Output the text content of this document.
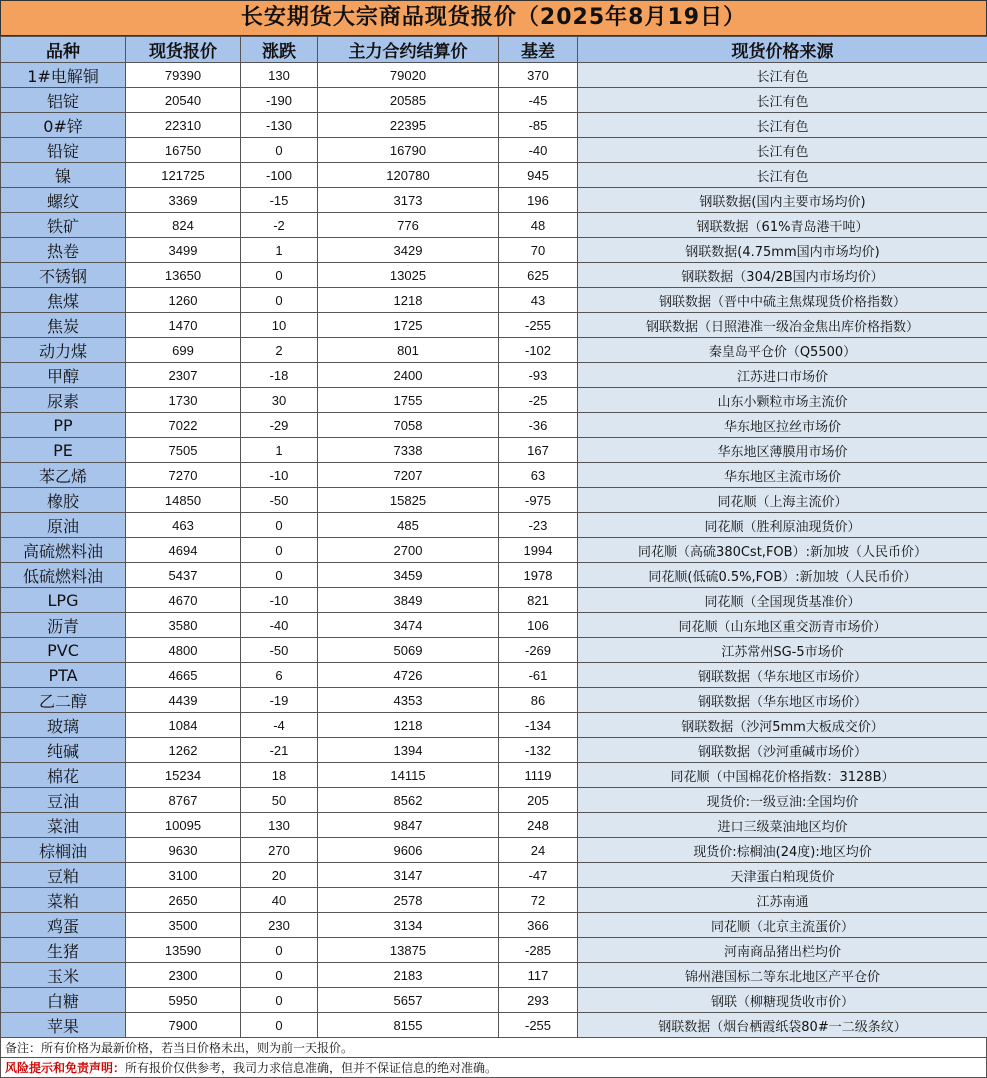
长安期货大宗商品现货报价（2025年8月19日）
品种	现货报价	涨跌	主力合约结算价	基差	现货价格来源
1#电解铜	79390	130	79020	370	长江有色
铝锭	20540	-190	20585	-45	长江有色
0#锌	22310	-130	22395	-85	长江有色
铅锭	16750	0	16790	-40	长江有色
镍	121725	-100	120780	945	长江有色
螺纹	3369	-15	3173	196	钢联数据(国内主要市场均价)
铁矿	824	-2	776	48	钢联数据（61%青岛港干吨）
热卷	3499	1	3429	70	钢联数据(4.75mm国内市场均价)
不锈钢	13650	0	13025	625	钢联数据（304/2B国内市场均价）
焦煤	1260	0	1218	43	钢联数据（晋中中硫主焦煤现货价格指数）
焦炭	1470	10	1725	-255	钢联数据（日照港准一级冶金焦出库价格指数）
动力煤	699	2	801	-102	秦皇岛平仓价（Q5500）
甲醇	2307	-18	2400	-93	江苏进口市场价
尿素	1730	30	1755	-25	山东小颗粒市场主流价
PP	7022	-29	7058	-36	华东地区拉丝市场价
PE	7505	1	7338	167	华东地区薄膜用市场价
苯乙烯	7270	-10	7207	63	华东地区主流市场价
橡胶	14850	-50	15825	-975	同花顺（上海主流价）
原油	463	0	485	-23	同花顺（胜利原油现货价）
高硫燃料油	4694	0	2700	1994	同花顺（高硫380Cst,FOB）:新加坡（人民币价）
低硫燃料油	5437	0	3459	1978	同花顺(低硫0.5%,FOB）:新加坡（人民币价）
LPG	4670	-10	3849	821	同花顺（全国现货基准价）
沥青	3580	-40	3474	106	同花顺（山东地区重交沥青市场价）
PVC	4800	-50	5069	-269	江苏常州SG-5市场价
PTA	4665	6	4726	-61	钢联数据（华东地区市场价）
乙二醇	4439	-19	4353	86	钢联数据（华东地区市场价）
玻璃	1084	-4	1218	-134	钢联数据（沙河5mm大板成交价）
纯碱	1262	-21	1394	-132	钢联数据（沙河重碱市场价）
棉花	15234	18	14115	1119	同花顺（中国棉花价格指数：3128B）
豆油	8767	50	8562	205	现货价:一级豆油:全国均价
菜油	10095	130	9847	248	进口三级菜油地区均价
棕榈油	9630	270	9606	24	现货价:棕榈油(24度):地区均价
豆粕	3100	20	3147	-47	天津蛋白粕现货价
菜粕	2650	40	2578	72	江苏南通
鸡蛋	3500	230	3134	366	同花顺（北京主流蛋价）
生猪	13590	0	13875	-285	河南商品猪出栏均价
玉米	2300	0	2183	117	锦州港国标二等东北地区产平仓价
白糖	5950	0	5657	293	钢联（柳糖现货收市价）
苹果	7900	0	8155	-255	钢联数据（烟台栖霞纸袋80#一二级条纹）
备注：所有价格为最新价格，若当日价格未出，则为前一天报价。
风险提示和免责声明：所有报价仅供参考，我司力求信息准确，但并不保证信息的绝对准确。
